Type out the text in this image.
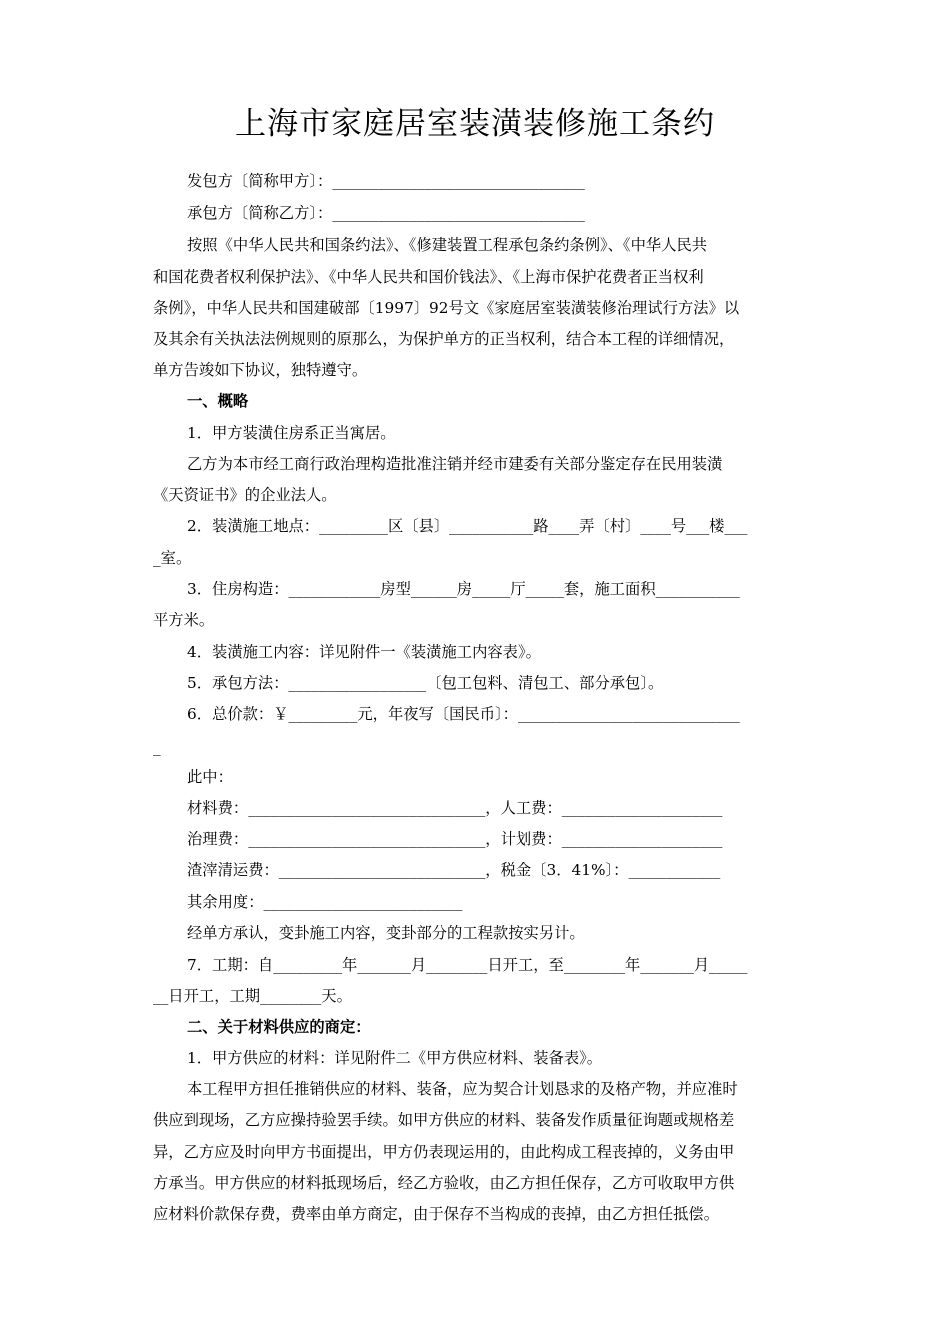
上海市家庭居室装潢装修施工条约
发包方〔简称甲方〕：_________________________________
承包方〔简称乙方〕：_________________________________
按照《中华人民共和国条约法》、《修建装置工程承包条约条例》、《中华人民共
和国花费者权利保护法》、《中华人民共和国价钱法》、《上海市保护花费者正当权利
条例》，中华人民共和国建破部〔1997〕92号文《家庭居室装潢装修治理试行方法》以
及其余有关执法法例规则的原那么，为保护单方的正当权利，结合本工程的详细情况，
单方告竣如下协议，独特遵守。
一、概略
1．甲方装潢住房系正当寓居。
乙方为本市经工商行政治理构造批准注销并经市建委有关部分鉴定存在民用装潢
《天资证书》的企业法人。
2．装潢施工地点：_________区〔县〕___________路____弄〔村〕____号___楼___
_室。
3．住房构造：____________房型______房_____厅_____套，施工面积___________
平方米。
4．装潢施工内容：详见附件一《装潢施工内容表》。
5．承包方法：__________________〔包工包料、清包工、部分承包〕。
6．总价款：￥_________元，年夜写〔国民币〕：_____________________________
_
此中：
材料费：_______________________________，人工费：_____________________
治理费：_______________________________，计划费：_____________________
渣滓清运费：___________________________，税金〔3．41%〕：____________
其余用度：__________________________
经单方承认，变卦施工内容，变卦部分的工程款按实另计。
7．工期：自_________年_______月________日开工，至________年_______月_____
__日开工，工期________天。
二、关于材料供应的商定：
1．甲方供应的材料：详见附件二《甲方供应材料、装备表》。
本工程甲方担任推销供应的材料、装备，应为契合计划恳求的及格产物，并应准时
供应到现场，乙方应操持验罢手续。如甲方供应的材料、装备发作质量征询题或规格差
异，乙方应及时向甲方书面提出，甲方仍表现运用的，由此构成工程丧掉的，义务由甲
方承当。甲方供应的材料抵现场后，经乙方验收，由乙方担任保存，乙方可收取甲方供
应材料价款保存费，费率由单方商定，由于保存不当构成的丧掉，由乙方担任抵偿。
